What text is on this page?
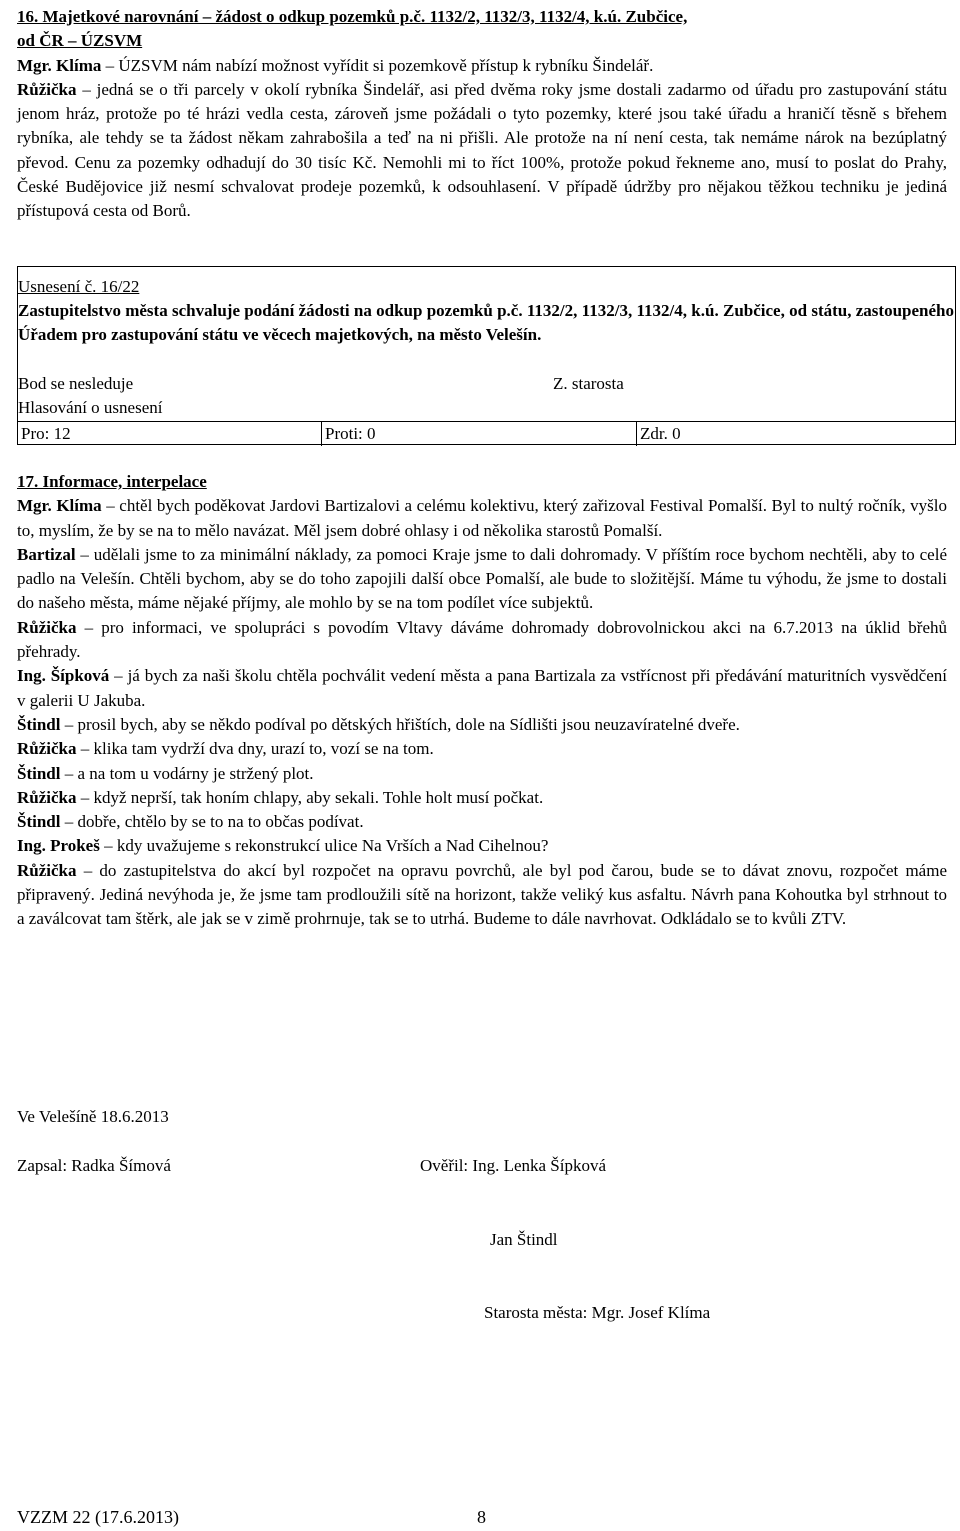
16. Majetkové narovnání – žádost o odkup pozemků p.č. 1132/2, 1132/3, 1132/4, k.ú. Zubčice,
od ČR – ÚZSVM

Mgr. Klíma – ÚZSVM nám nabízí možnost vyřídit si pozemkově přístup k rybníku Šindelář.

Růžička – jedná se o tři parcely v okolí rybníka Šindelář, asi před dvěma roky jsme dostali zadarmo od úřadu pro zastupování státu jenom hráz, protože po té hrázi vedla cesta, zároveň jsme požádali o tyto pozemky, které jsou také úřadu a hraničí těsně s břehem rybníka, ale tehdy se ta žádost někam zahrabošila a teď na ni přišli. Ale protože na ní není cesta, tak nemáme nárok na bezúplatný převod. Cenu za pozemky odhadují do 30 tisíc Kč. Nemohli mi to říct 100%, protože pokud řekneme ano, musí to poslat do Prahy, České Budějovice již nesmí schvalovat prodeje pozemků, k odsouhlasení. V případě údržby pro nějakou těžkou techniku je jediná přístupová cesta od Borů.

Usnesení č. 16/22

Zastupitelstvo města schvaluje podání žádosti na odkup pozemků p.č. 1132/2, 1132/3, 1132/4, k.ú. Zubčice, od státu, zastoupeného Úřadem pro zastupování státu ve věcech majetkových, na město Velešín.

Bod se nesleduje	Z. starosta
Hlasování o usnesení
Pro: 12	Proti: 0	Zdr. 0

17. Informace, interpelace

Mgr. Klíma – chtěl bych poděkovat Jardovi Bartizalovi a celému kolektivu, který zařizoval Festival Pomalší. Byl to nultý ročník, vyšlo to, myslím, že by se na to mělo navázat. Měl jsem dobré ohlasy i od několika starostů Pomalší.

Bartizal – udělali jsme to za minimální náklady, za pomoci Kraje jsme to dali dohromady. V příštím roce bychom nechtěli, aby to celé padlo na Velešín. Chtěli bychom, aby se do toho zapojili další obce Pomalší, ale bude to složitější. Máme tu výhodu, že jsme to dostali do našeho města, máme nějaké příjmy, ale mohlo by se na tom podílet více subjektů.

Růžička – pro informaci, ve spolupráci s povodím Vltavy dáváme dohromady dobrovolnickou akci na 6.7.2013 na úklid břehů přehrady.

Ing. Šípková – já bych za naši školu chtěla pochválit vedení města a pana Bartizala za vstřícnost při předávání maturitních vysvědčení v galerii U Jakuba.

Štindl – prosil bych, aby se někdo podíval po dětských hřištích, dole na Sídlišti jsou neuzavíratelné dveře.

Růžička – klika tam vydrží dva dny, urazí to, vozí se na tom.

Štindl – a na tom u vodárny je stržený plot.

Růžička – když neprší, tak honím chlapy, aby sekali. Tohle holt musí počkat.

Štindl – dobře, chtělo by se to na to občas podívat.

Ing. Prokeš – kdy uvažujeme s rekonstrukcí ulice Na Vrších a Nad Cihelnou?

Růžička – do zastupitelstva do akcí byl rozpočet na opravu povrchů, ale byl pod čarou, bude se to dávat znovu, rozpočet máme připravený. Jediná nevýhoda je, že jsme tam prodloužili sítě na horizont, takže veliký kus asfaltu. Návrh pana Kohoutka byl strhnout to a zaválcovat tam štěrk, ale jak se v zimě prohrnuje, tak se to utrhá. Budeme to dále navrhovat. Odkládalo se to kvůli ZTV.

Ve Velešíně 18.6.2013
Zapsal: Radka Šímová	Ověřil: Ing. Lenka Šípková
Jan Štindl
Starosta města: Mgr. Josef Klíma
VZZM 22 (17.6.2013)	8
